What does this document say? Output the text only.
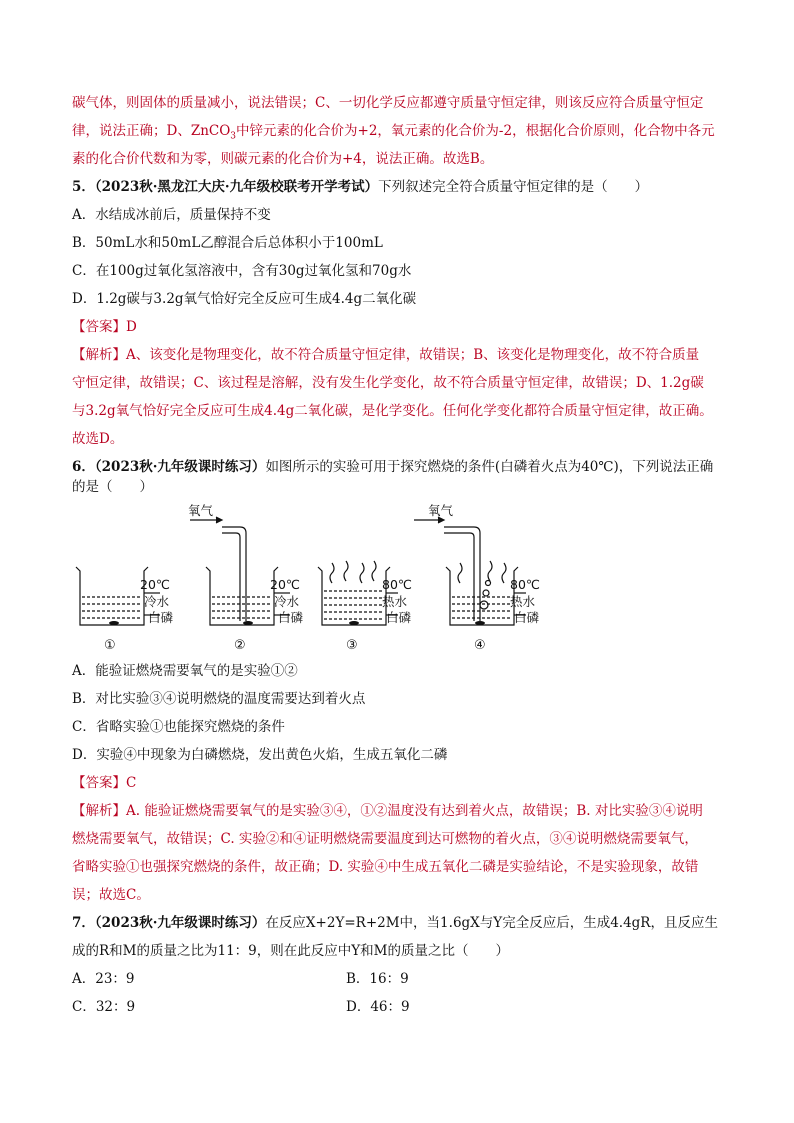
碳气体，则固体的质量减小，说法错误；C、一切化学反应都遵守质量守恒定律，则该反应符合质量守恒定
律，说法正确；D、ZnCO$_3$中锌元素的化合价为+2，氧元素的化合价为-2，根据化合价原则，化合物中各元
素的化合价代数和为零，则碳元素的化合价为+4，说法正确。故选B。
5．（2023秋·黑龙江大庆·九年级校联考开学考试）下列叙述完全符合质量守恒定律的是（　　）
A．水结成冰前后，质量保持不变
B．50mL水和50mL乙醇混合后总体积小于100mL
C．在100g过氧化氢溶液中，含有30g过氧化氢和70g水
D．1.2g碳与3.2g氧气恰好完全反应可生成4.4g二氧化碳
【答案】D
【解析】A、该变化是物理变化，故不符合质量守恒定律，故错误；B、该变化是物理变化，故不符合质量
守恒定律，故错误；C、该过程是溶解，没有发生化学变化，故不符合质量守恒定律，故错误；D、1.2g碳
与3.2g氧气恰好完全反应可生成4.4g二氧化碳，是化学变化。任何化学变化都符合质量守恒定律，故正确。
故选D。
6．（2023秋·九年级课时练习）如图所示的实验可用于探究燃烧的条件(白磷着火点为40℃)，下列说法正确
的是（　　）
氧气	氧气
20℃
冷水
白磷
20℃
冷水
白磷
80℃
热水
白磷
80℃
热水
白磷
①	②	③	④
A．能验证燃烧需要氧气的是实验①②
B．对比实验③④说明燃烧的温度需要达到着火点
C．省略实验①也能探究燃烧的条件
D．实验④中现象为白磷燃烧，发出黄色火焰，生成五氧化二磷
【答案】C
【解析】A. 能验证燃烧需要氧气的是实验③④，①②温度没有达到着火点，故错误；B. 对比实验③④说明
燃烧需要氧气，故错误；C. 实验②和④证明燃烧需要温度到达可燃物的着火点，③④说明燃烧需要氧气，
省略实验①也强探究燃烧的条件，故正确；D. 实验④中生成五氧化二磷是实验结论，不是实验现象，故错
误；故选C。
7．（2023秋·九年级课时练习）在反应X+2Y=R+2M中，当1.6gX与Y完全反应后，生成4.4gR，且反应生
成的R和M的质量之比为11：9，则在此反应中Y和M的质量之比（　　）
A．23：9	B．16：9
C．32：9	D．46：9
